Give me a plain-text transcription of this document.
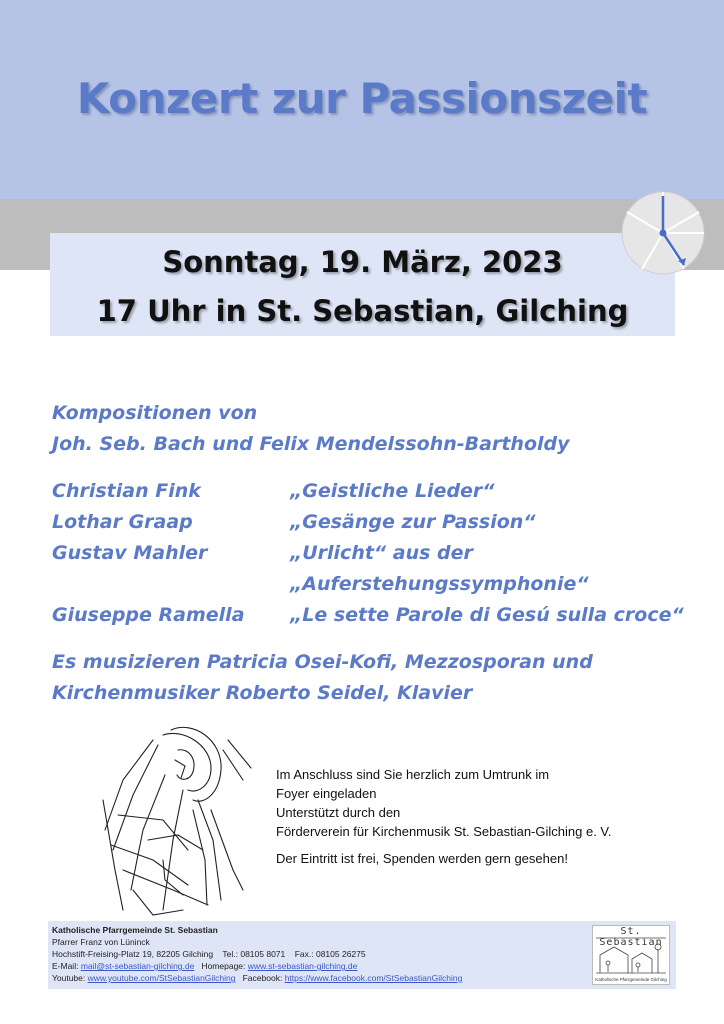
Konzert zur Passionszeit
Sonntag, 19. März, 2023
17 Uhr in St. Sebastian, Gilching
Kompositionen von
Joh. Seb. Bach und Felix Mendelssohn-Bartholdy
Christian Fink	„Geistliche Lieder“
Lothar Graap	„Gesänge zur Passion“
Gustav Mahler	„Urlicht“ aus der
„Auferstehungssymphonie“
Giuseppe Ramella „Le sette Parole di Gesú sulla croce“
Es musizieren Patricia Osei-Kofi, Mezzosporan und
Kirchenmusiker Roberto Seidel, Klavier
Im Anschluss sind Sie herzlich zum Umtrunk im
Foyer eingeladen
Unterstützt durch den
Förderverein für Kirchenmusik St. Sebastian-Gilching e. V.
Der Eintritt ist frei, Spenden werden gern gesehen!
Katholische Pfarrgemeinde St. Sebastian
Pfarrer Franz von Lüninck
Hochstift-Freising-Platz 19, 82205 Gilching Tel.: 08105 8071 Fax.: 08105 26275
E-Mail: mail@st-sebastian-gilching.de Homepage: www.st-sebastian-gilching.de
Youtube: www.youtube.com/StSebastianGilching Facebook: https://www.facebook.com/StSebastianGilching
St. Sebastian
Katholische Pfarrgemeinde Gilching
